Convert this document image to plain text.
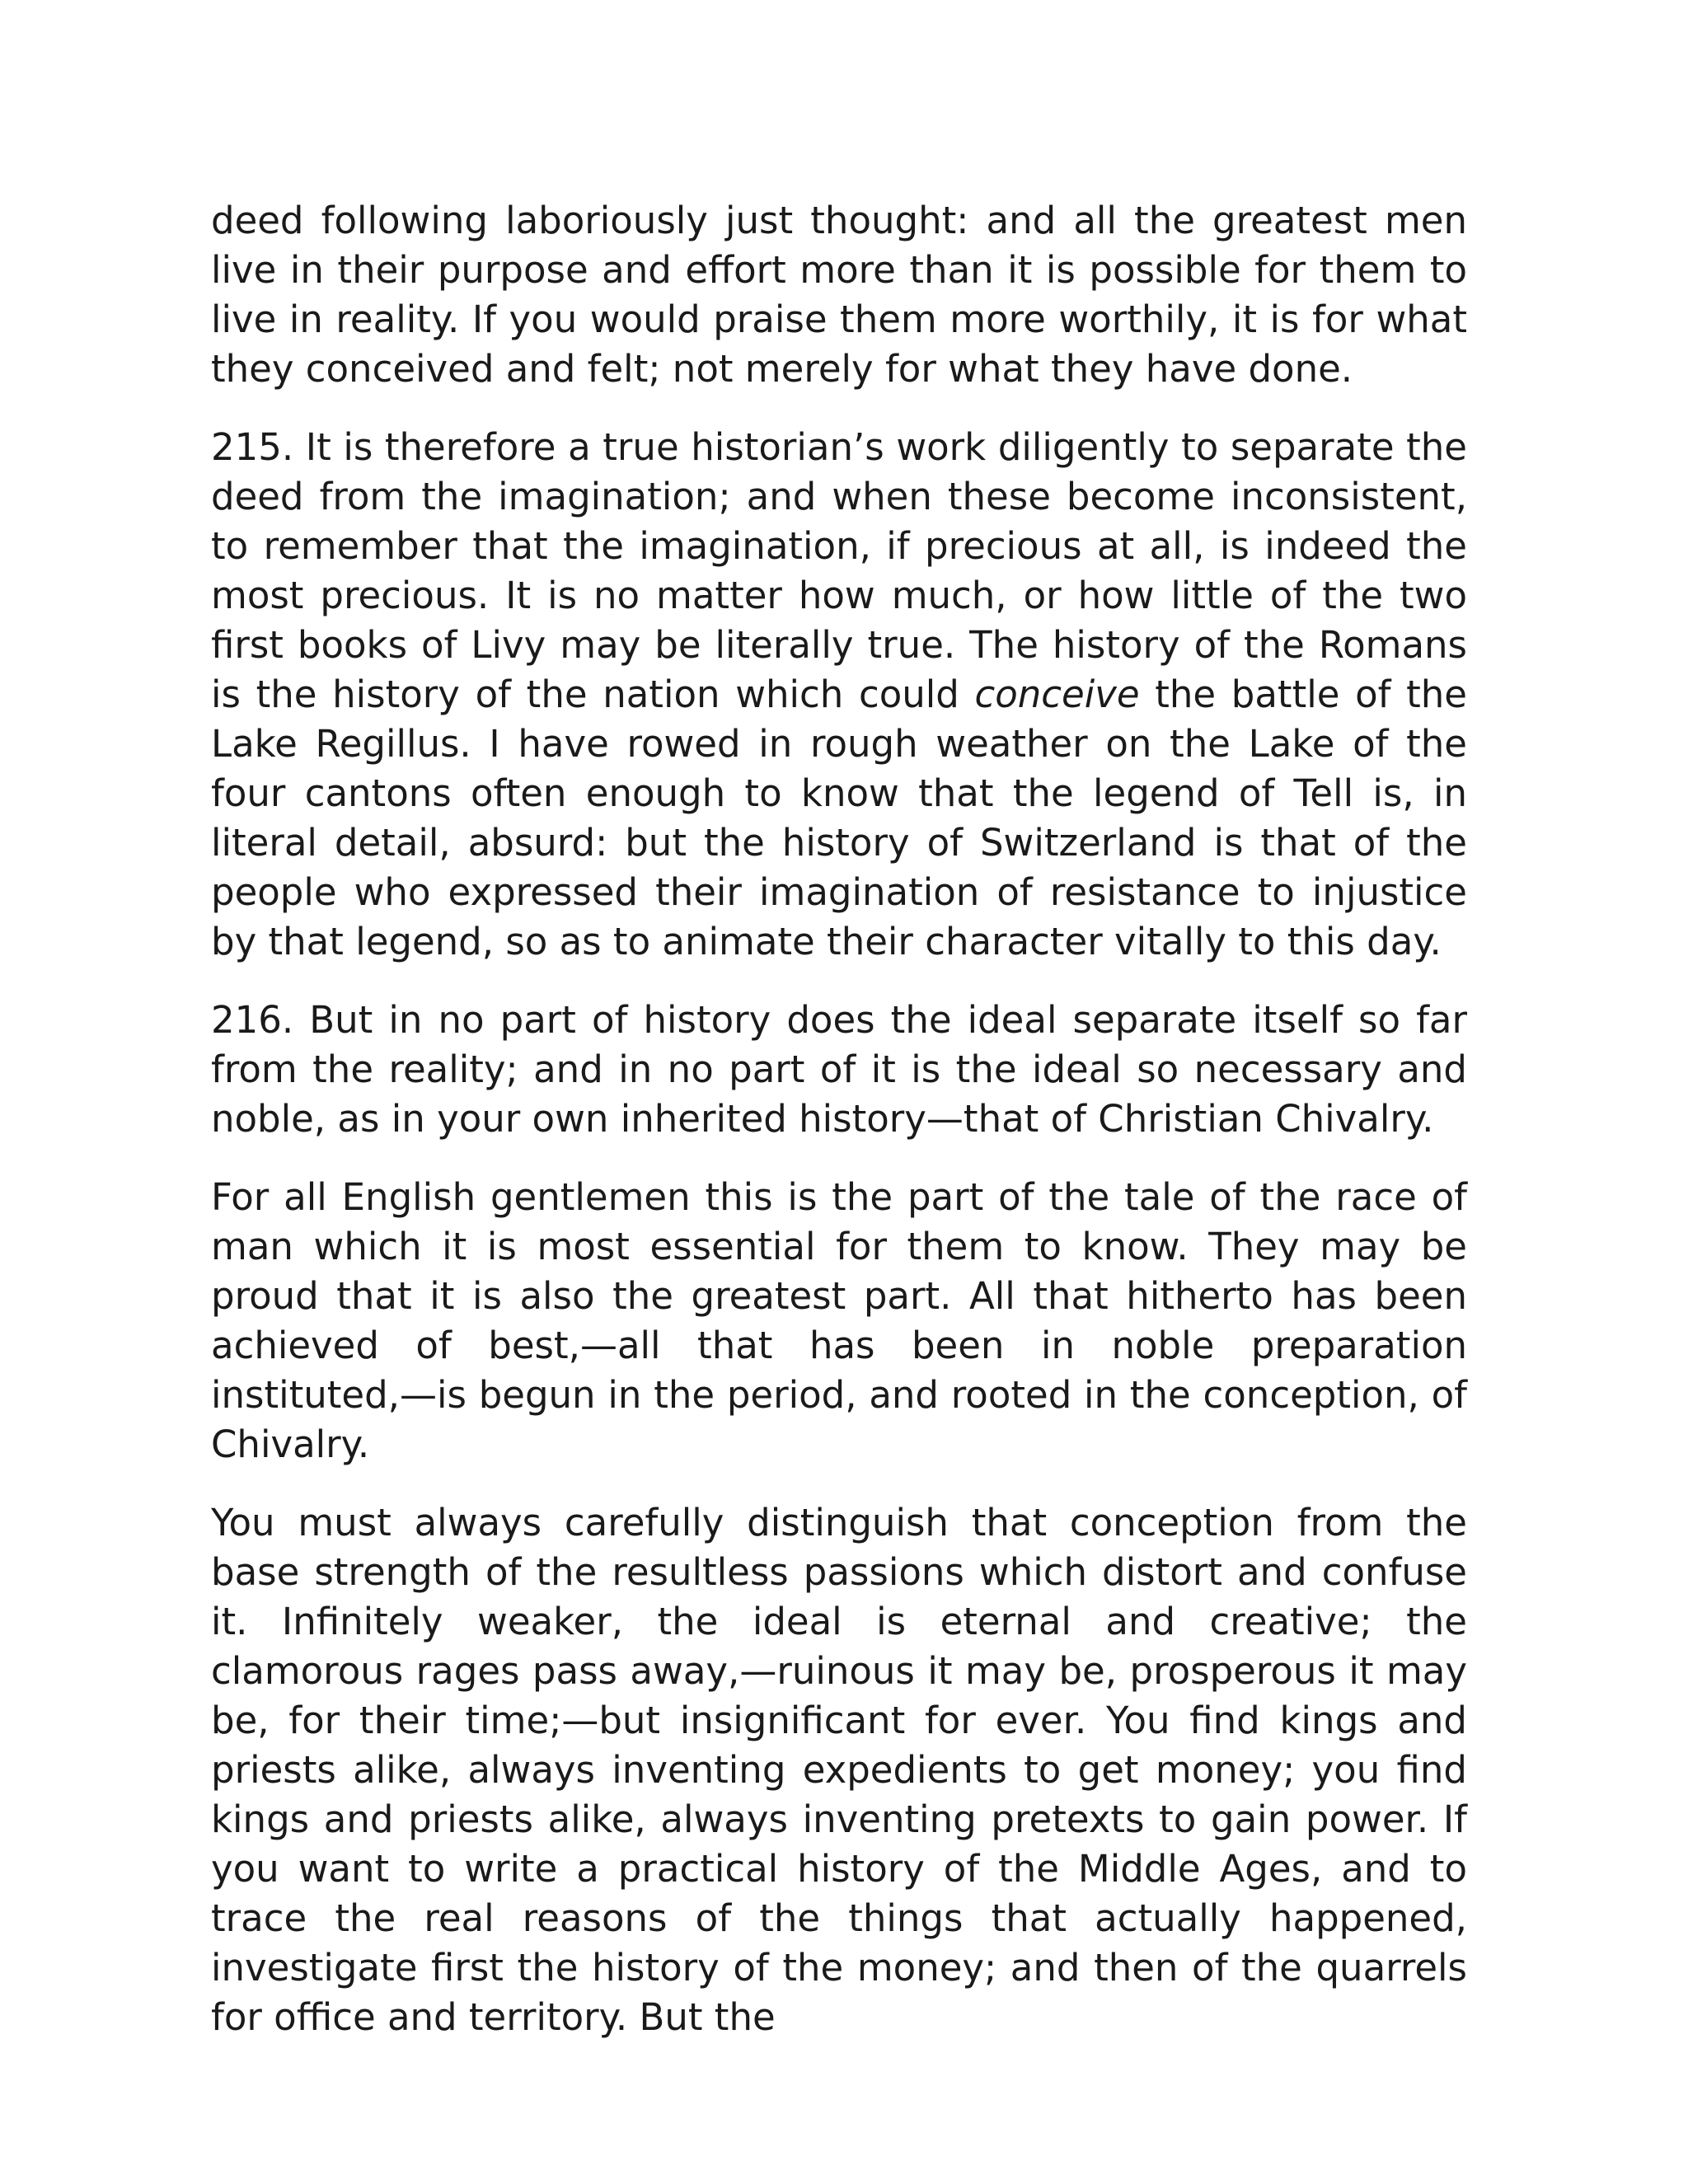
deed following laboriously just thought: and all the greatest men live in their purpose and effort more than it is possible for them to live in reality. If you would praise them more worthily, it is for what they conceived and felt; not merely for what they have done.

215. It is therefore a true historian’s work diligently to separate the deed from the imagination; and when these become inconsistent, to remember that the imagination, if precious at all, is indeed the most precious. It is no matter how much, or how little of the two first books of Livy may be literally true. The history of the Romans is the history of the nation which could conceive the battle of the Lake Regillus. I have rowed in rough weather on the Lake of the four cantons often enough to know that the legend of Tell is, in literal detail, absurd: but the history of Switzerland is that of the people who expressed their imagination of resistance to injustice by that legend, so as to animate their character vitally to this day.

216. But in no part of history does the ideal separate itself so far from the reality; and in no part of it is the ideal so necessary and noble, as in your own inherited history—that of Christian Chivalry.

For all English gentlemen this is the part of the tale of the race of man which it is most essential for them to know. They may be proud that it is also the greatest part. All that hitherto has been achieved of best,—all that has been in noble preparation instituted,—is begun in the period, and rooted in the conception, of Chivalry.

You must always carefully distinguish that conception from the base strength of the resultless passions which distort and confuse it. Infinitely weaker, the ideal is eternal and creative; the clamorous rages pass away,—ruinous it may be, prosperous it may be, for their time;—but insignificant for ever. You find kings and priests alike, always inventing expedients to get money; you find kings and priests alike, always inventing pretexts to gain power. If you want to write a practical history of the Middle Ages, and to trace the real reasons of the things that actually happened, investigate first the history of the money; and then of the quarrels for office and territory. But the
